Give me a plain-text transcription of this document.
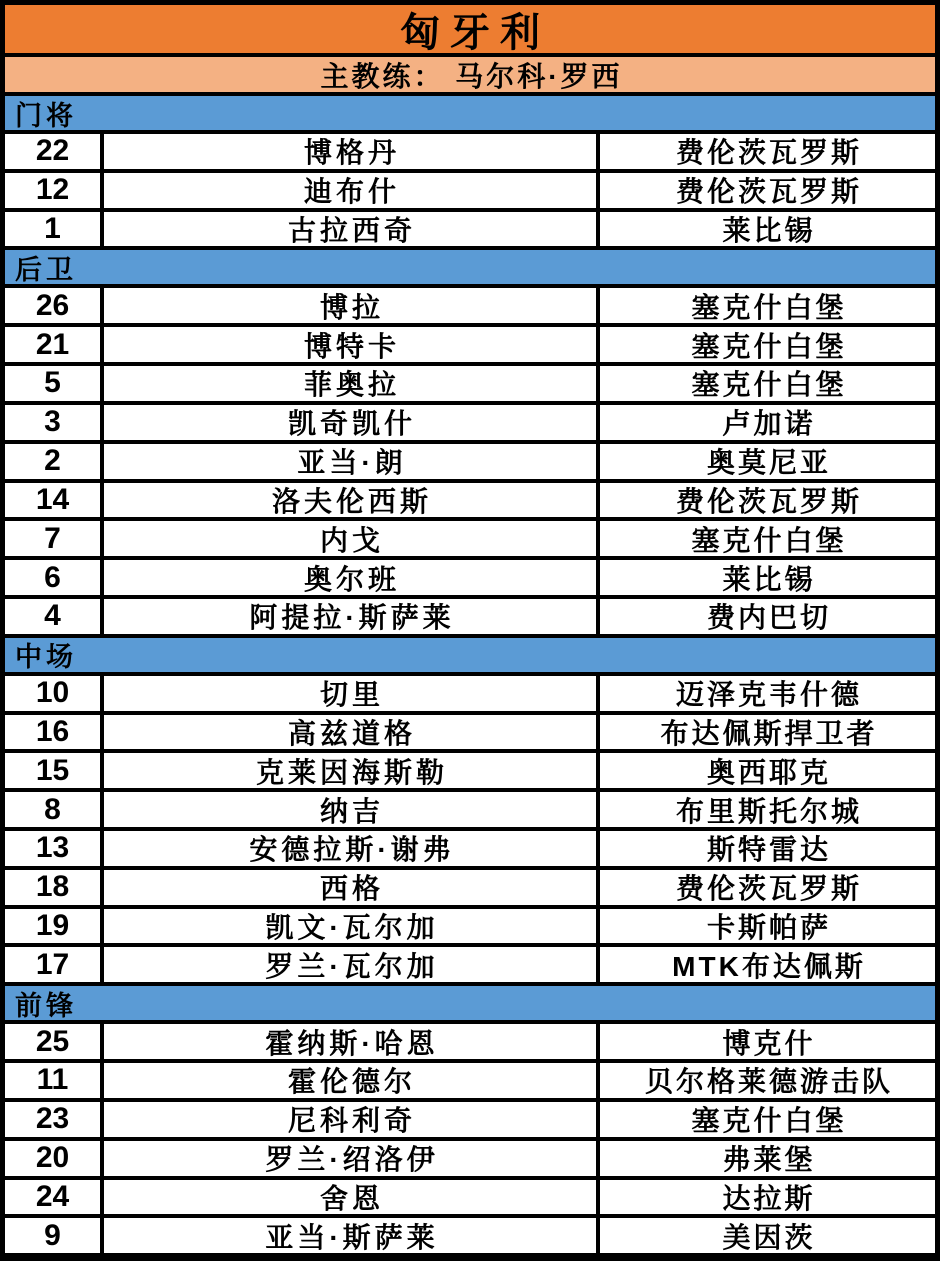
匈牙利
主教练： 马尔科·罗西
门将
22	博格丹	费伦茨瓦罗斯
12	迪布什	费伦茨瓦罗斯
1	古拉西奇	莱比锡
后卫
26	博拉	塞克什白堡
21	博特卡	塞克什白堡
5	菲奥拉	塞克什白堡
3	凯奇凯什	卢加诺
2	亚当·朗	奥莫尼亚
14	洛夫伦西斯	费伦茨瓦罗斯
7	内戈	塞克什白堡
6	奥尔班	莱比锡
4	阿提拉·斯萨莱	费内巴切
中场
10	切里	迈泽克韦什德
16	高兹道格	布达佩斯捍卫者
15	克莱因海斯勒	奥西耶克
8	纳吉	布里斯托尔城
13	安德拉斯·谢弗	斯特雷达
18	西格	费伦茨瓦罗斯
19	凯文·瓦尔加	卡斯帕萨
17	罗兰·瓦尔加	MTK布达佩斯
前锋
25	霍纳斯·哈恩	博克什
11	霍伦德尔	贝尔格莱德游击队
23	尼科利奇	塞克什白堡
20	罗兰·绍洛伊	弗莱堡
24	舍恩	达拉斯
9	亚当·斯萨莱	美因茨
